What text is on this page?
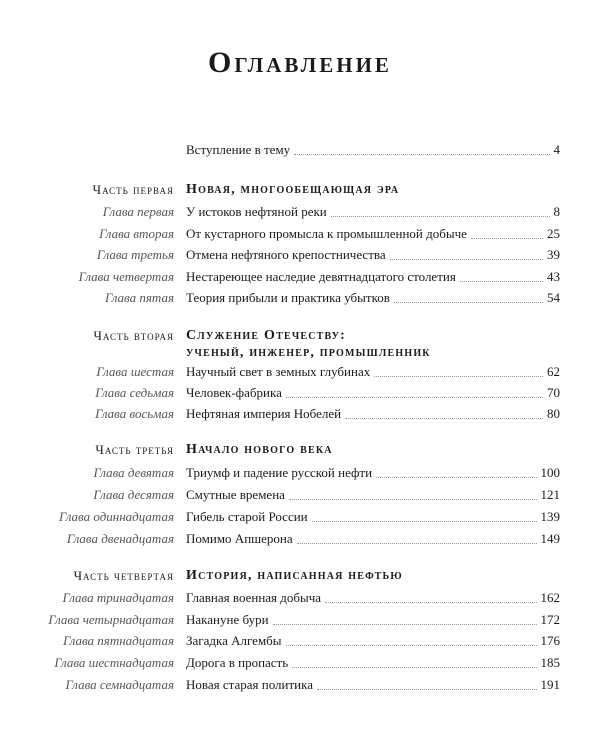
Оглавление
Вступление в тему	4
Часть первая Новая, многообещающая эра
Глава первая У истоков нефтяной реки	8
Глава вторая От кустарного промысла к промышленной добыче	25
Глава третья Отмена нефтяного крепостничества	39
Глава четвертая Нестареющее наследие девятнадцатого столетия	43
Глава пятая Теория прибыли и практика убытков	54
Часть вторая Служение Отечеству:
ученый, инженер, промышленник
Глава шестая Научный свет в земных глубинах	62
Глава седьмая Человек-фабрика	70
Глава восьмая Нефтяная империя Нобелей	80
Часть третья Начало нового века
Глава девятая Триумф и падение русской нефти	100
Глава десятая Смутные времена	121
Глава одиннадцатая Гибель старой России	139
Глава двенадцатая Помимо Апшерона	149
Часть четвертая История, написанная нефтью
Глава тринадцатая Главная военная добыча	162
Глава четырнадцатая Накануне бури	172
Глава пятнадцатая Загадка Алгембы	176
Глава шестнадцатая Дорога в пропасть	185
Глава семнадцатая Новая старая политика	191
